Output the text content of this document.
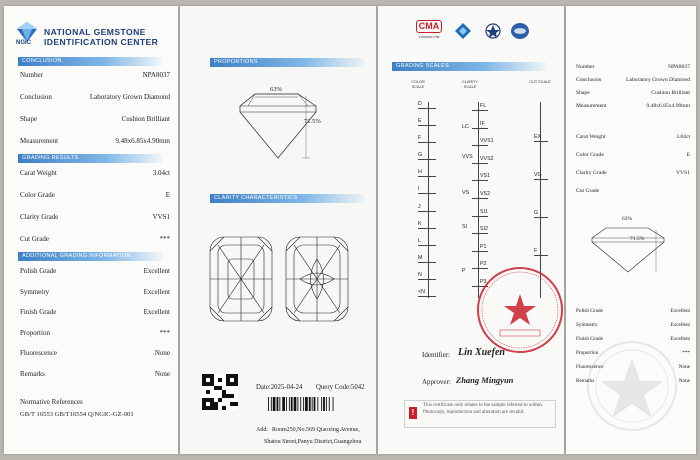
NGIC
NATIONAL GEMSTONE
IDENTIFICATION CENTER
CONCLUSION
Number	NPA8037
Conclusion	Laboratory Grown Diamond
Shape	Cushion Brilliant
Measurement	9.48x6.85x4.90mm
GRADING RESULTS
Carat Weight	3.04ct
Color Grade	E
Clarity Grade	VVS1
Cut Grade	***
ADDITIONAL GRADING INFORMATION
Polish Grade	Excellent
Symmetry	Excellent
Finish Grade	Excellent
Proportion	***
Fluorescence	None
Remarks	None
Normative References
GB/T 16553 GB/T16554 Q/NGIC-GZ-001
PROPORTIONS
63%
71.5%
CLARITY CHARACTERISTICS
Date:2025-04-24 Query Code:5042
Add: Room250,No.569 Qiaoxing Avenue,
Shatou Street,Panyu District,Guangzhou
CMA
210019011789
GRADING SCALES
COLOR SCALE
CLARITY SCALE
CUT SCALE
D
E
F
G
H
I
J
K
L
M
N
<N
FL
IF
VVS1
VVS2
VS1
VS2
SI1
SI2
P1
P2
P3
LC
VVS
VS
SI
P
EX
VG
G
F
Identifier: Lin Xuefen
Approver: Zhang Mingyun
!
This certificate only relates to the sample referred to within. Photocopy, reproduction and alteration are invalid.
Number	NPA8037
Conclusion	Laboratory Grown Diamond
Shape	Cushion Brilliant
Measurement	9.48x6.85x4.90mm
Carat Weight	3.04ct
Color Grade	E
Clarity Grade	VVS1
Cut Grade
63%
71.5%
Polish Grade	Excellent
Symmetry	Excellent
Finish Grade	Excellent
Proportion	***
Fluorescence	None
Remarks	None
